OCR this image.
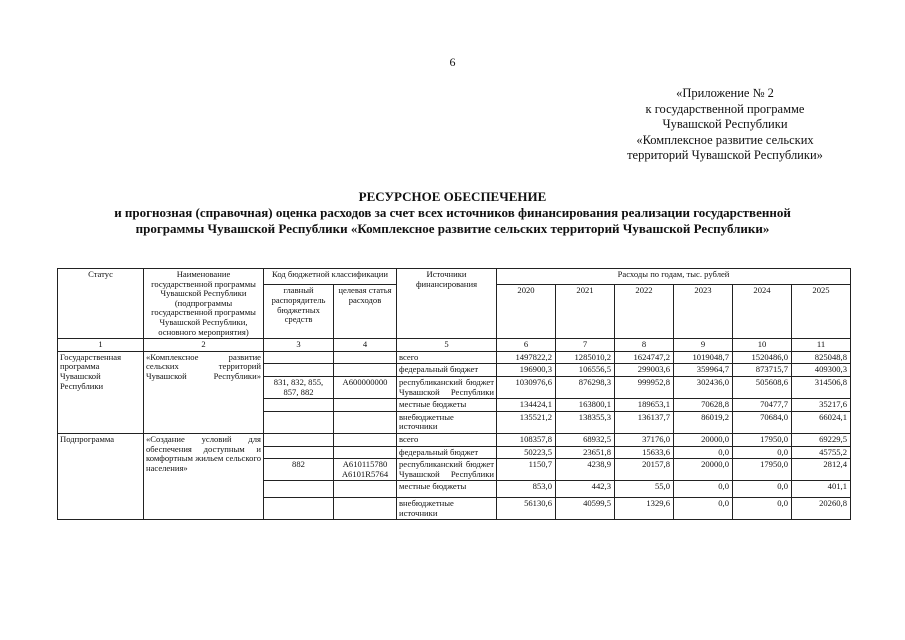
6
«Приложение № 2
к государственной программе
Чувашской Республики
«Комплексное развитие сельских
территорий Чувашской Республики»
РЕСУРСНОЕ ОБЕСПЕЧЕНИЕ
и прогнозная (справочная) оценка расходов за счет всех источников финансирования реализации государственной
программы Чувашской Республики «Комплексное развитие сельских территорий Чувашской Республики»
Статус	Наименование государственной программы Чувашской Республики (подпрограммы государственной программы Чувашской Республики, основного мероприятия)	Код бюджетной классификации		Источники финансирования	Расходы по годам, тыс. рублей					
		главный распорядитель бюджетных средств	целевая статья расходов		2020	2021	2022	2023	2024	2025
1	2	3	4	5	6	7	8	9	10	11
Государственная программа Чувашской Республики	«Комплексное развитие сельских территорий Чувашской Республики»			всего	1497822,2	1285010,2	1624747,2	1019048,7	1520486,0	825048,8
				федеральный бюджет	196900,3	106556,5	299003,6	359964,7	873715,7	409300,3
		831, 832, 855, 857, 882	А600000000	республиканский бюджет Чувашской Республики	1030976,6	876298,3	999952,8	302436,0	505608,6	314506,8
				местные бюджеты	134424,1	163800,1	189653,1	70628,8	70477,7	35217,6
				внебюджетные источники	135521,2	138355,3	136137,7	86019,2	70684,0	66024,1
Подпрограмма	«Создание условий для обеспечения доступным и комфортным жильем сельского населения»			всего	108357,8	68932,5	37176,0	20000,0	17950,0	69229,5
				федеральный бюджет	50223,5	23651,8	15633,6	0,0	0,0	45755,2
		882	А610115780 А6101R5764	республиканский бюджет Чувашской Республики	1150,7	4238,9	20157,8	20000,0	17950,0	2812,4
				местные бюджеты	853,0	442,3	55,0	0,0	0,0	401,1
				внебюджетные источники	56130,6	40599,5	1329,6	0,0	0,0	20260,8
